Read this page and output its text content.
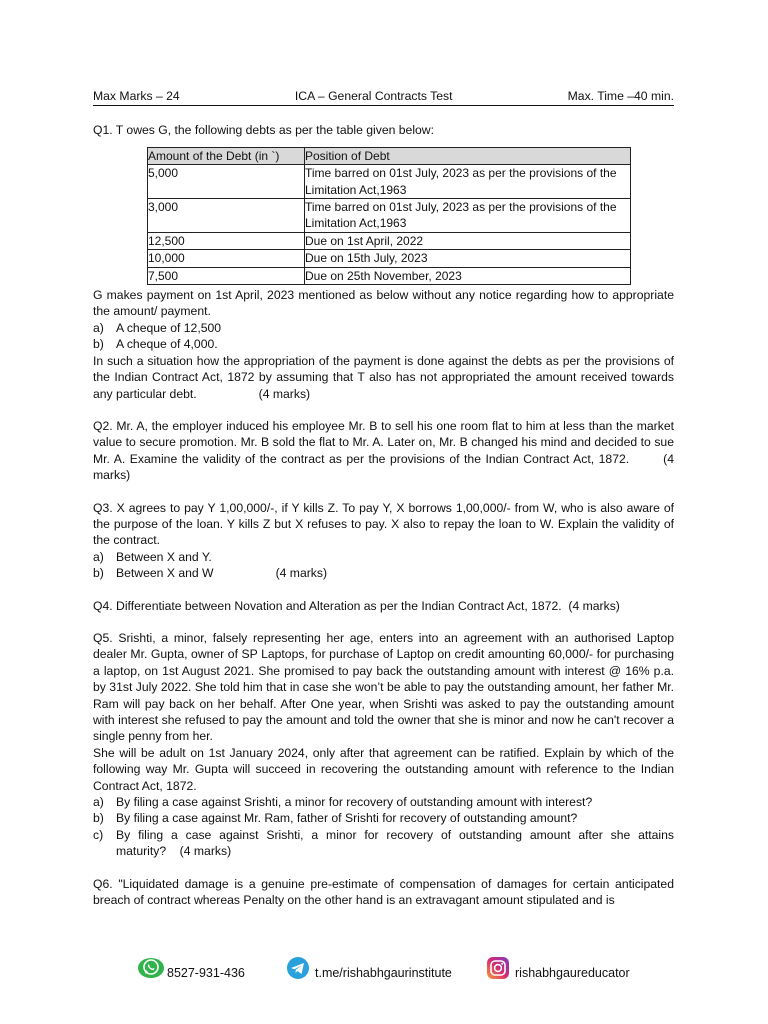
Max Marks – 24	ICA – General Contracts Test	Max. Time –40 min.

Q1. T owes G, the following debts as per the table given below:

Amount of the Debt (in `)	Position of Debt
5,000	Time barred on 01st July, 2023 as per the provisions of the Limitation Act,1963
3,000	Time barred on 01st July, 2023 as per the provisions of the Limitation Act,1963
12,500	Due on 1st April, 2022
10,000	Due on 15th July, 2023
7,500	Due on 25th November, 2023

G makes payment on 1st April, 2023 mentioned as below without any notice regarding how to appropriate the amount/ payment.

a) A cheque of 12,500
b) A cheque of 4,000.

In such a situation how the appropriation of the payment is done against the debts as per the provisions of the Indian Contract Act, 1872 by assuming that T also has not appropriated the amount received towards any particular debt.	(4 marks)

Q2. Mr. A, the employer induced his employee Mr. B to sell his one room flat to him at less than the market value to secure promotion. Mr. B sold the flat to Mr. A. Later on, Mr. B changed his mind and decided to sue Mr. A. Examine the validity of the contract as per the provisions of the Indian Contract Act, 1872.	(4 marks)

Q3. X agrees to pay Y 1,00,000/-, if Y kills Z. To pay Y, X borrows 1,00,000/- from W, who is also aware of the purpose of the loan. Y kills Z but X refuses to pay. X also to repay the loan to W. Explain the validity of the contract.

a) Between X and Y.
b) Between X and W	(4 marks)

Q4. Differentiate between Novation and Alteration as per the Indian Contract Act, 1872. (4 marks)

Q5. Srishti, a minor, falsely representing her age, enters into an agreement with an authorised Laptop dealer Mr. Gupta, owner of SP Laptops, for purchase of Laptop on credit amounting 60,000/- for purchasing a laptop, on 1st August 2021. She promised to pay back the outstanding amount with interest @ 16% p.a. by 31st July 2022. She told him that in case she won’t be able to pay the outstanding amount, her father Mr. Ram will pay back on her behalf. After One year, when Srishti was asked to pay the outstanding amount with interest she refused to pay the amount and told the owner that she is minor and now he can't recover a single penny from her.

She will be adult on 1st January 2024, only after that agreement can be ratified. Explain by which of the following way Mr. Gupta will succeed in recovering the outstanding amount with reference to the Indian Contract Act, 1872.

a) By filing a case against Srishti, a minor for recovery of outstanding amount with interest?
b) By filing a case against Mr. Ram, father of Srishti for recovery of outstanding amount?
c)	By filing a case against Srishti, a minor for recovery of outstanding amount after she attains maturity? (4 marks)

Q6. "Liquidated damage is a genuine pre-estimate of compensation of damages for certain anticipated breach of contract whereas Penalty on the other hand is an extravagant amount stipulated and is

8527-931-436	t.me/rishabhgaurinstitute	rishabhgaureducator
